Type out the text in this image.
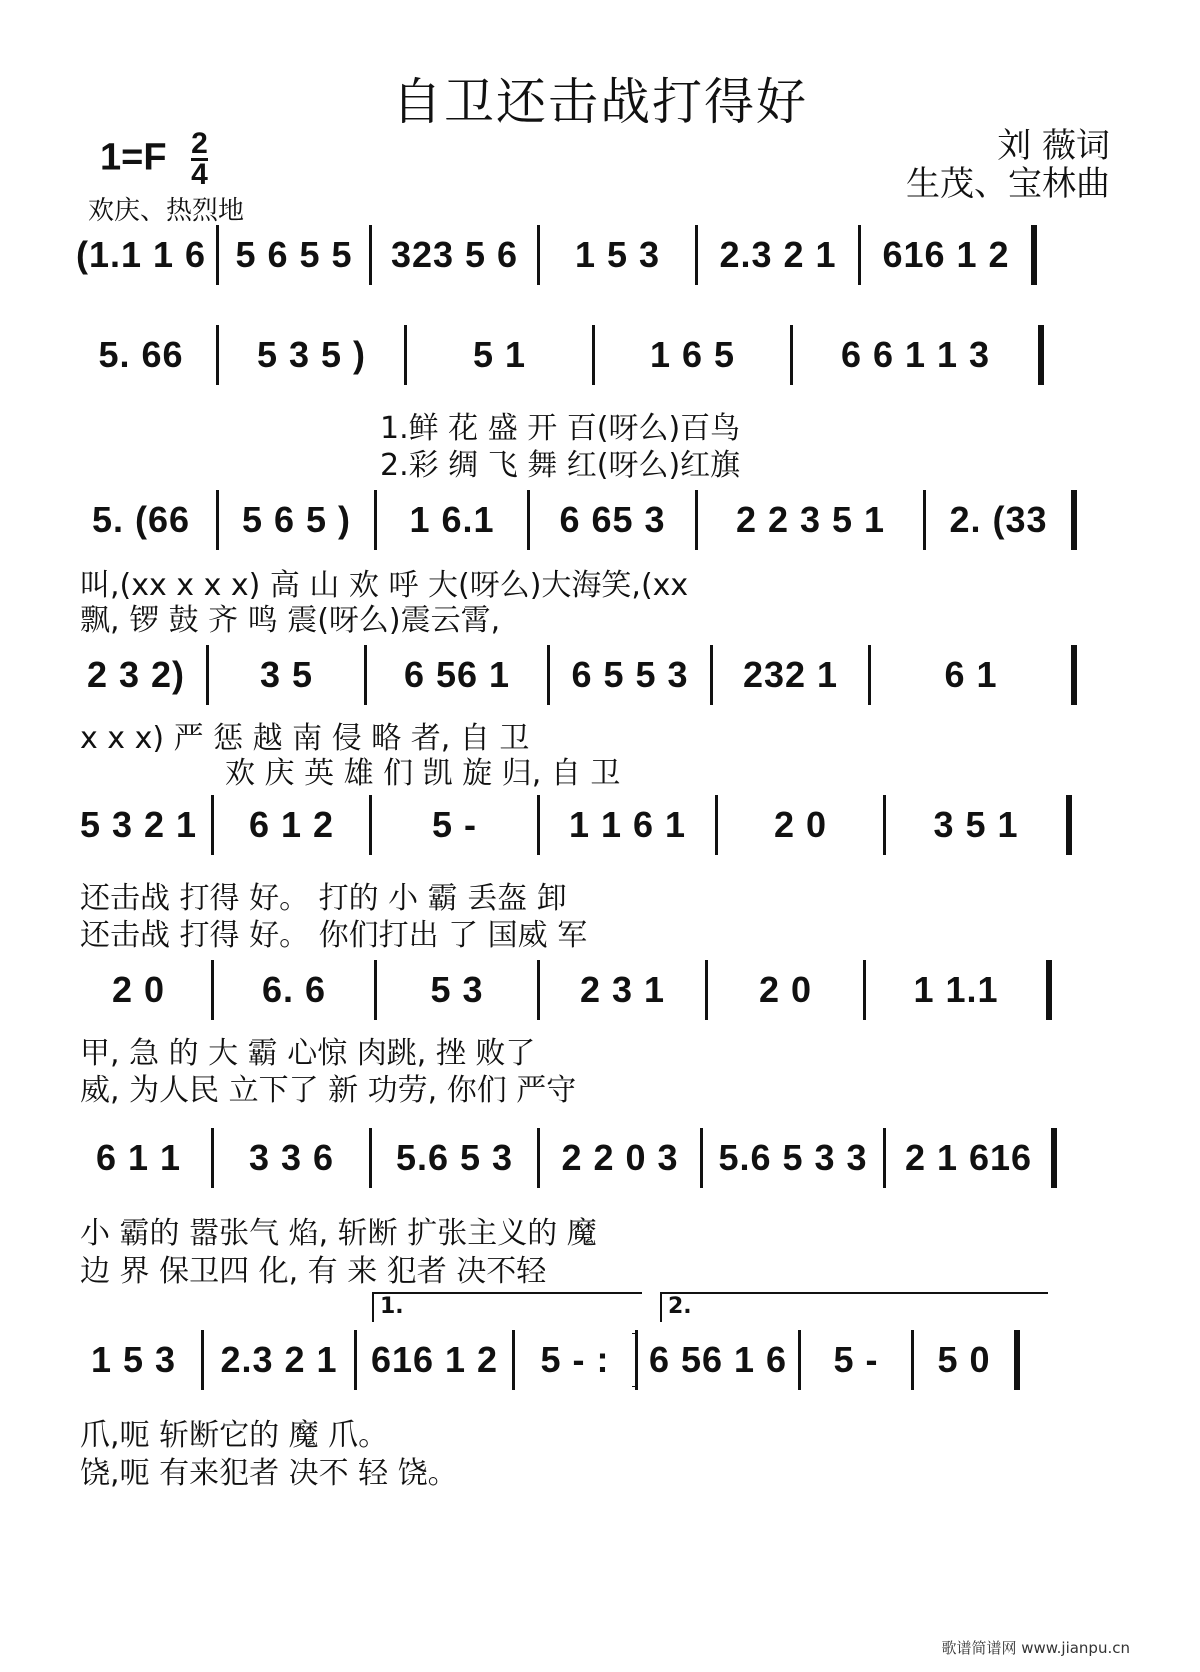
自卫还击战打得好
刘 薇词
生茂、宝林曲
$1=F \frac{2}{4}$
欢庆、热烈地
(1.1 1 6 5 6 5 5 323 5 6 1 5 3 2.3 2 1 616 1 2
5. 66 5 3 5 )	5 1	1 6 5	6 6 1 1 3
1.鲜 花 盛 开 百(呀么)百鸟
2.彩 绸 飞 舞 红(呀么)红旗
5. (66 5 6 5 ) 1 6.1 6 65 3 2 2 3 5 1 2. (33
叫,(xx x x x) 高 山 欢 呼 大(呀么)大海笑,(xx
飘, 锣 鼓 齐 鸣 震(呀么)震云霄,
2 3 2) 3 5	6 56 1 6 5 5 3 232 1	6 1
x x x) 严 惩 越 南 侵 略 者, 自 卫
欢 庆 英 雄 们 凯 旋 归, 自 卫
5 3 2 1 6 1 2	5 -	1 1 6 1 2 0	3 5 1
还击战 打得 好。 打的 小 霸 丢盔 卸
还击战 打得 好。 你们打出 了 国威 军
2 0	6. 6	5 3	2 3 1	2 0	1 1.1
甲, 急 的 大 霸 心惊 肉跳, 挫 败了
威, 为人民 立下了 新 功劳, 你们 严守
6 1 1 3 3 6 5.6 5 3 2 2 0 3 5.6 5 3 3 2 1 616
小 霸的 嚣张气 焰, 斩断 扩张主义的 魔
边 界 保卫四 化, 有 来 犯者 决不轻
1.	2.
1 5 3 2.3 2 1 616 1 2 5 - : 6 56 1 6 5 - 5 0
爪,呃 斩断它的 魔 爪。
饶,呃 有来犯者 决不 轻 饶。
歌谱简谱网 www.jianpu.cn
